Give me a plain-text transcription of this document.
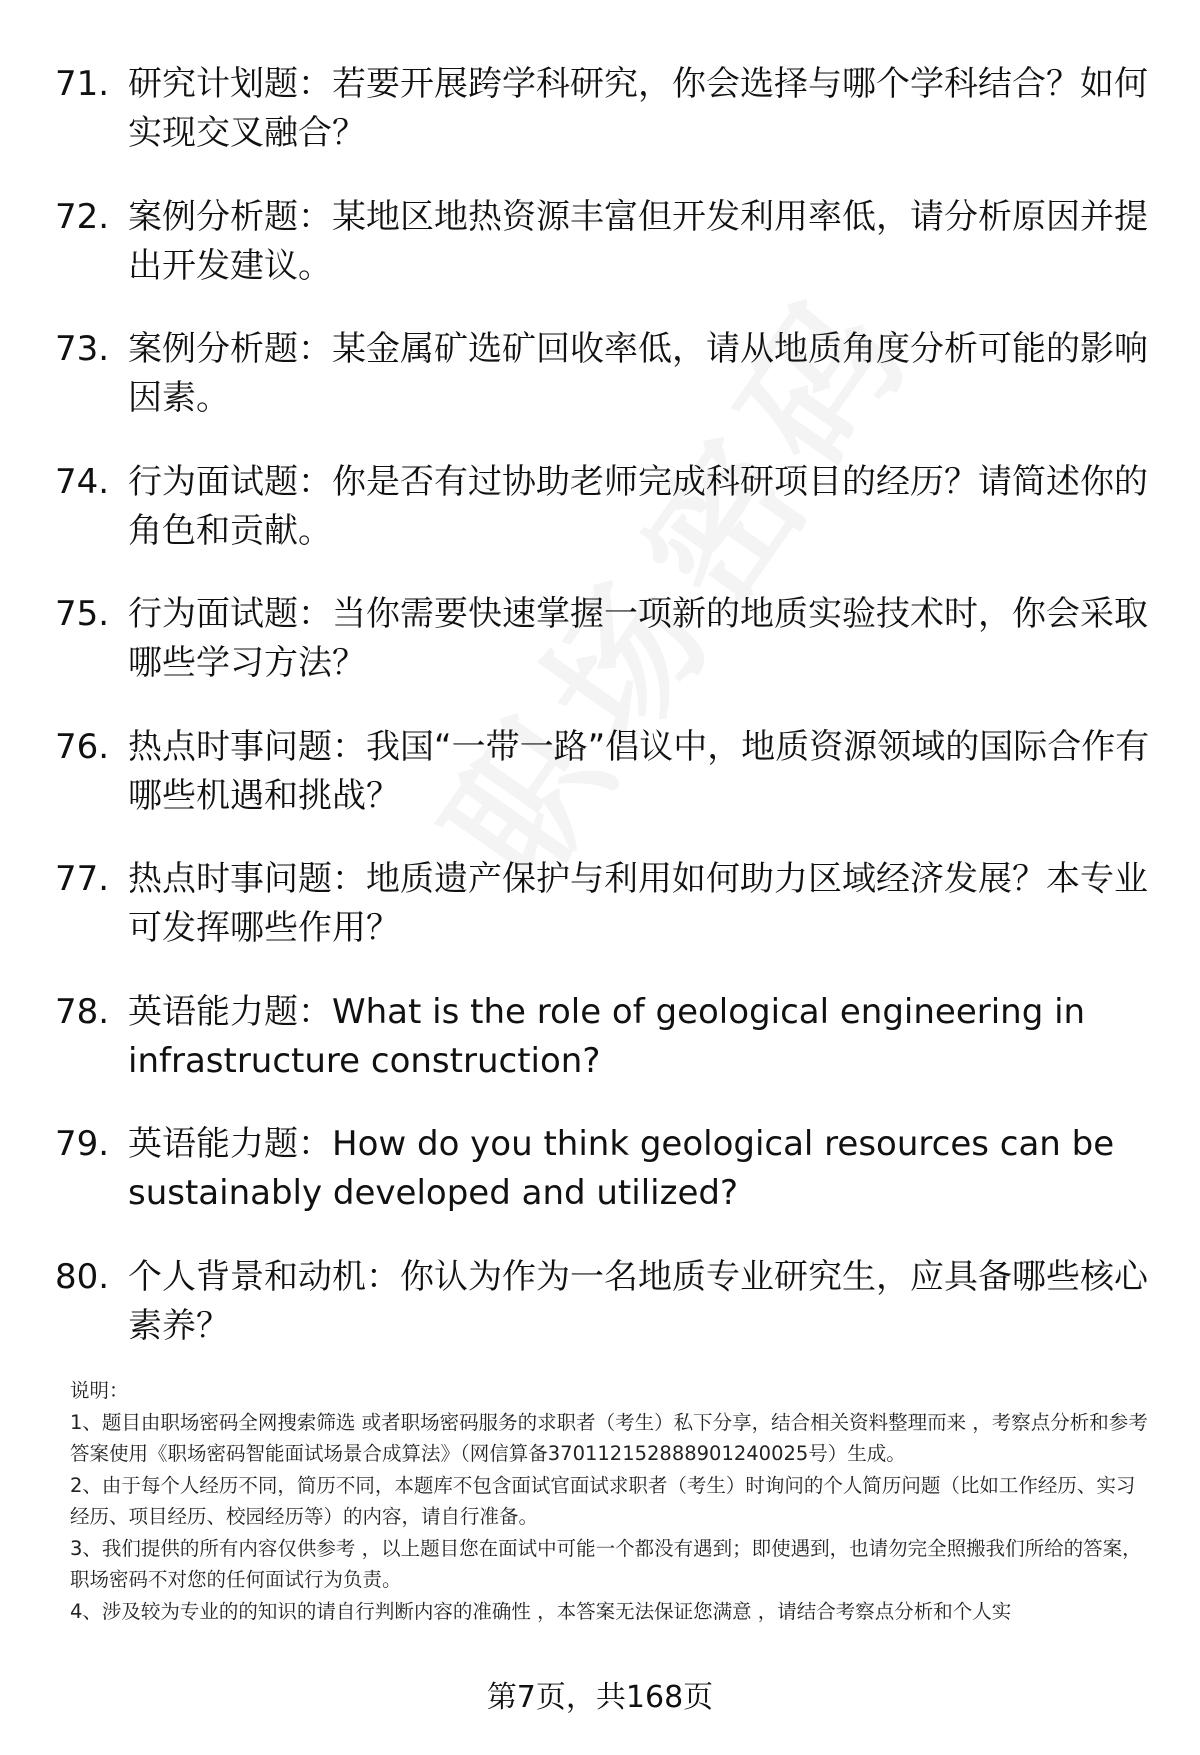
71. 研究计划题：若要开展跨学科研究，你会选择与哪个学科结合？如何实现交叉融合？
72. 案例分析题：某地区地热资源丰富但开发利用率低，请分析原因并提出开发建议。
73. 案例分析题：某金属矿选矿回收率低，请从地质角度分析可能的影响因素。
74. 行为面试题：你是否有过协助老师完成科研项目的经历？请简述你的角色和贡献。
75. 行为面试题：当你需要快速掌握一项新的地质实验技术时，你会采取哪些学习方法？
76. 热点时事问题：我国“一带一路”倡议中，地质资源领域的国际合作有哪些机遇和挑战？
77. 热点时事问题：地质遗产保护与利用如何助力区域经济发展？本专业可发挥哪些作用？
78. 英语能力题：What is the role of geological engineering in infrastructure construction?
79. 英语能力题：How do you think geological resources can be sustainably developed and utilized?
80. 个人背景和动机：你认为作为一名地质专业研究生，应具备哪些核心素养？

说明：

1、题目由职场密码全网搜索筛选 或者职场密码服务的求职者（考生）私下分享，结合相关资料整理而来 ，考察点分析和参考答案使用《职场密码智能面试场景合成算法》（网信算备370112152888901240025号）生成。

2、由于每个人经历不同，简历不同，本题库不包含面试官面试求职者（考生）时询问的个人简历问题（比如工作经历、实习经历、项目经历、校园经历等）的内容，请自行准备。

3、我们提供的所有内容仅供参考 ，以上题目您在面试中可能一个都没有遇到；即使遇到，也请勿完全照搬我们所给的答案，职场密码不对您的任何面试行为负责。

4、涉及较为专业的的知识的请自行判断内容的准确性 ，本答案无法保证您满意 ，请结合考察点分析和个人实

第7页，共168页
